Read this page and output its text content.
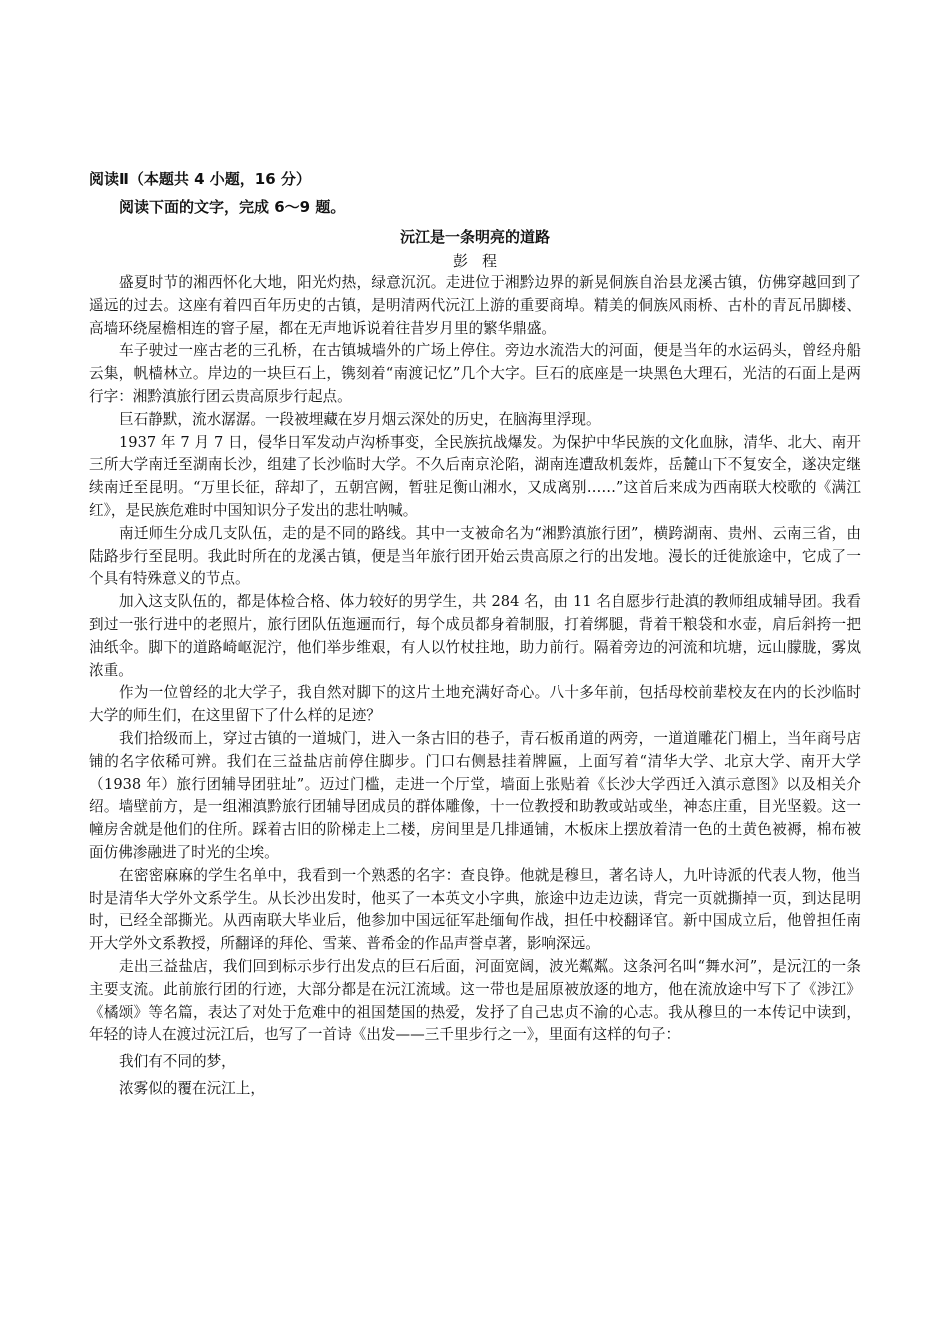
阅读Ⅱ（本题共 4 小题，16 分）

阅读下面的文字，完成 6～9 题。

沅江是一条明亮的道路

彭程

盛夏时节的湘西怀化大地，阳光灼热，绿意沉沉。走进位于湘黔边界的新晃侗族自治县龙溪古镇，仿佛穿越回到了遥远的过去。这座有着四百年历史的古镇，是明清两代沅江上游的重要商埠。精美的侗族风雨桥、古朴的青瓦吊脚楼、高墙环绕屋檐相连的窨子屋，都在无声地诉说着往昔岁月里的繁华鼎盛。

车子驶过一座古老的三孔桥，在古镇城墙外的广场上停住。旁边水流浩大的河面，便是当年的水运码头，曾经舟船云集，帆樯林立。岸边的一块巨石上，镌刻着“南渡记忆”几个大字。巨石的底座是一块黑色大理石，光洁的石面上是两行字：湘黔滇旅行团云贵高原步行起点。

巨石静默，流水潺潺。一段被埋藏在岁月烟云深处的历史，在脑海里浮现。

1937 年 7 月 7 日，侵华日军发动卢沟桥事变，全民族抗战爆发。为保护中华民族的文化血脉，清华、北大、南开三所大学南迁至湖南长沙，组建了长沙临时大学。不久后南京沦陷，湖南连遭敌机轰炸，岳麓山下不复安全，遂决定继续南迁至昆明。“万里长征，辞却了，五朝宫阙，暂驻足衡山湘水，又成离别……”这首后来成为西南联大校歌的《满江红》，是民族危难时中国知识分子发出的悲壮呐喊。

南迁师生分成几支队伍，走的是不同的路线。其中一支被命名为“湘黔滇旅行团”，横跨湖南、贵州、云南三省，由陆路步行至昆明。我此时所在的龙溪古镇，便是当年旅行团开始云贵高原之行的出发地。漫长的迁徙旅途中，它成了一个具有特殊意义的节点。

加入这支队伍的，都是体检合格、体力较好的男学生，共 284 名，由 11 名自愿步行赴滇的教师组成辅导团。我看到过一张行进中的老照片，旅行团队伍迤逦而行，每个成员都身着制服，打着绑腿，背着干粮袋和水壶，肩后斜挎一把油纸伞。脚下的道路崎岖泥泞，他们举步维艰，有人以竹杖拄地，助力前行。隔着旁边的河流和坑塘，远山朦胧，雾岚浓重。

作为一位曾经的北大学子，我自然对脚下的这片土地充满好奇心。八十多年前，包括母校前辈校友在内的长沙临时大学的师生们，在这里留下了什么样的足迹？

我们拾级而上，穿过古镇的一道城门，进入一条古旧的巷子，青石板甬道的两旁，一道道雕花门楣上，当年商号店铺的名字依稀可辨。我们在三益盐店前停住脚步。门口右侧悬挂着牌匾，上面写着“清华大学、北京大学、南开大学（1938 年）旅行团辅导团驻址”。迈过门槛，走进一个厅堂，墙面上张贴着《长沙大学西迁入滇示意图》以及相关介绍。墙壁前方，是一组湘滇黔旅行团辅导团成员的群体雕像，十一位教授和助教或站或坐，神态庄重，目光坚毅。这一幢房舍就是他们的住所。踩着古旧的阶梯走上二楼，房间里是几排通铺，木板床上摆放着清一色的土黄色被褥，棉布被面仿佛渗融进了时光的尘埃。

在密密麻麻的学生名单中，我看到一个熟悉的名字：查良铮。他就是穆旦，著名诗人，九叶诗派的代表人物，他当时是清华大学外文系学生。从长沙出发时，他买了一本英文小字典，旅途中边走边读，背完一页就撕掉一页，到达昆明时，已经全部撕光。从西南联大毕业后，他参加中国远征军赴缅甸作战，担任中校翻译官。新中国成立后，他曾担任南开大学外文系教授，所翻译的拜伦、雪莱、普希金的作品声誉卓著，影响深远。

走出三益盐店，我们回到标示步行出发点的巨石后面，河面宽阔，波光粼粼。这条河名叫“舞水河”，是沅江的一条主要支流。此前旅行团的行迹，大部分都是在沅江流域。这一带也是屈原被放逐的地方，他在流放途中写下了《涉江》《橘颂》等名篇，表达了对处于危难中的祖国楚国的热爱，发抒了自己忠贞不渝的心志。我从穆旦的一本传记中读到，年轻的诗人在渡过沅江后，也写了一首诗《出发——三千里步行之一》，里面有这样的句子：

我们有不同的梦，

浓雾似的覆在沅江上，
